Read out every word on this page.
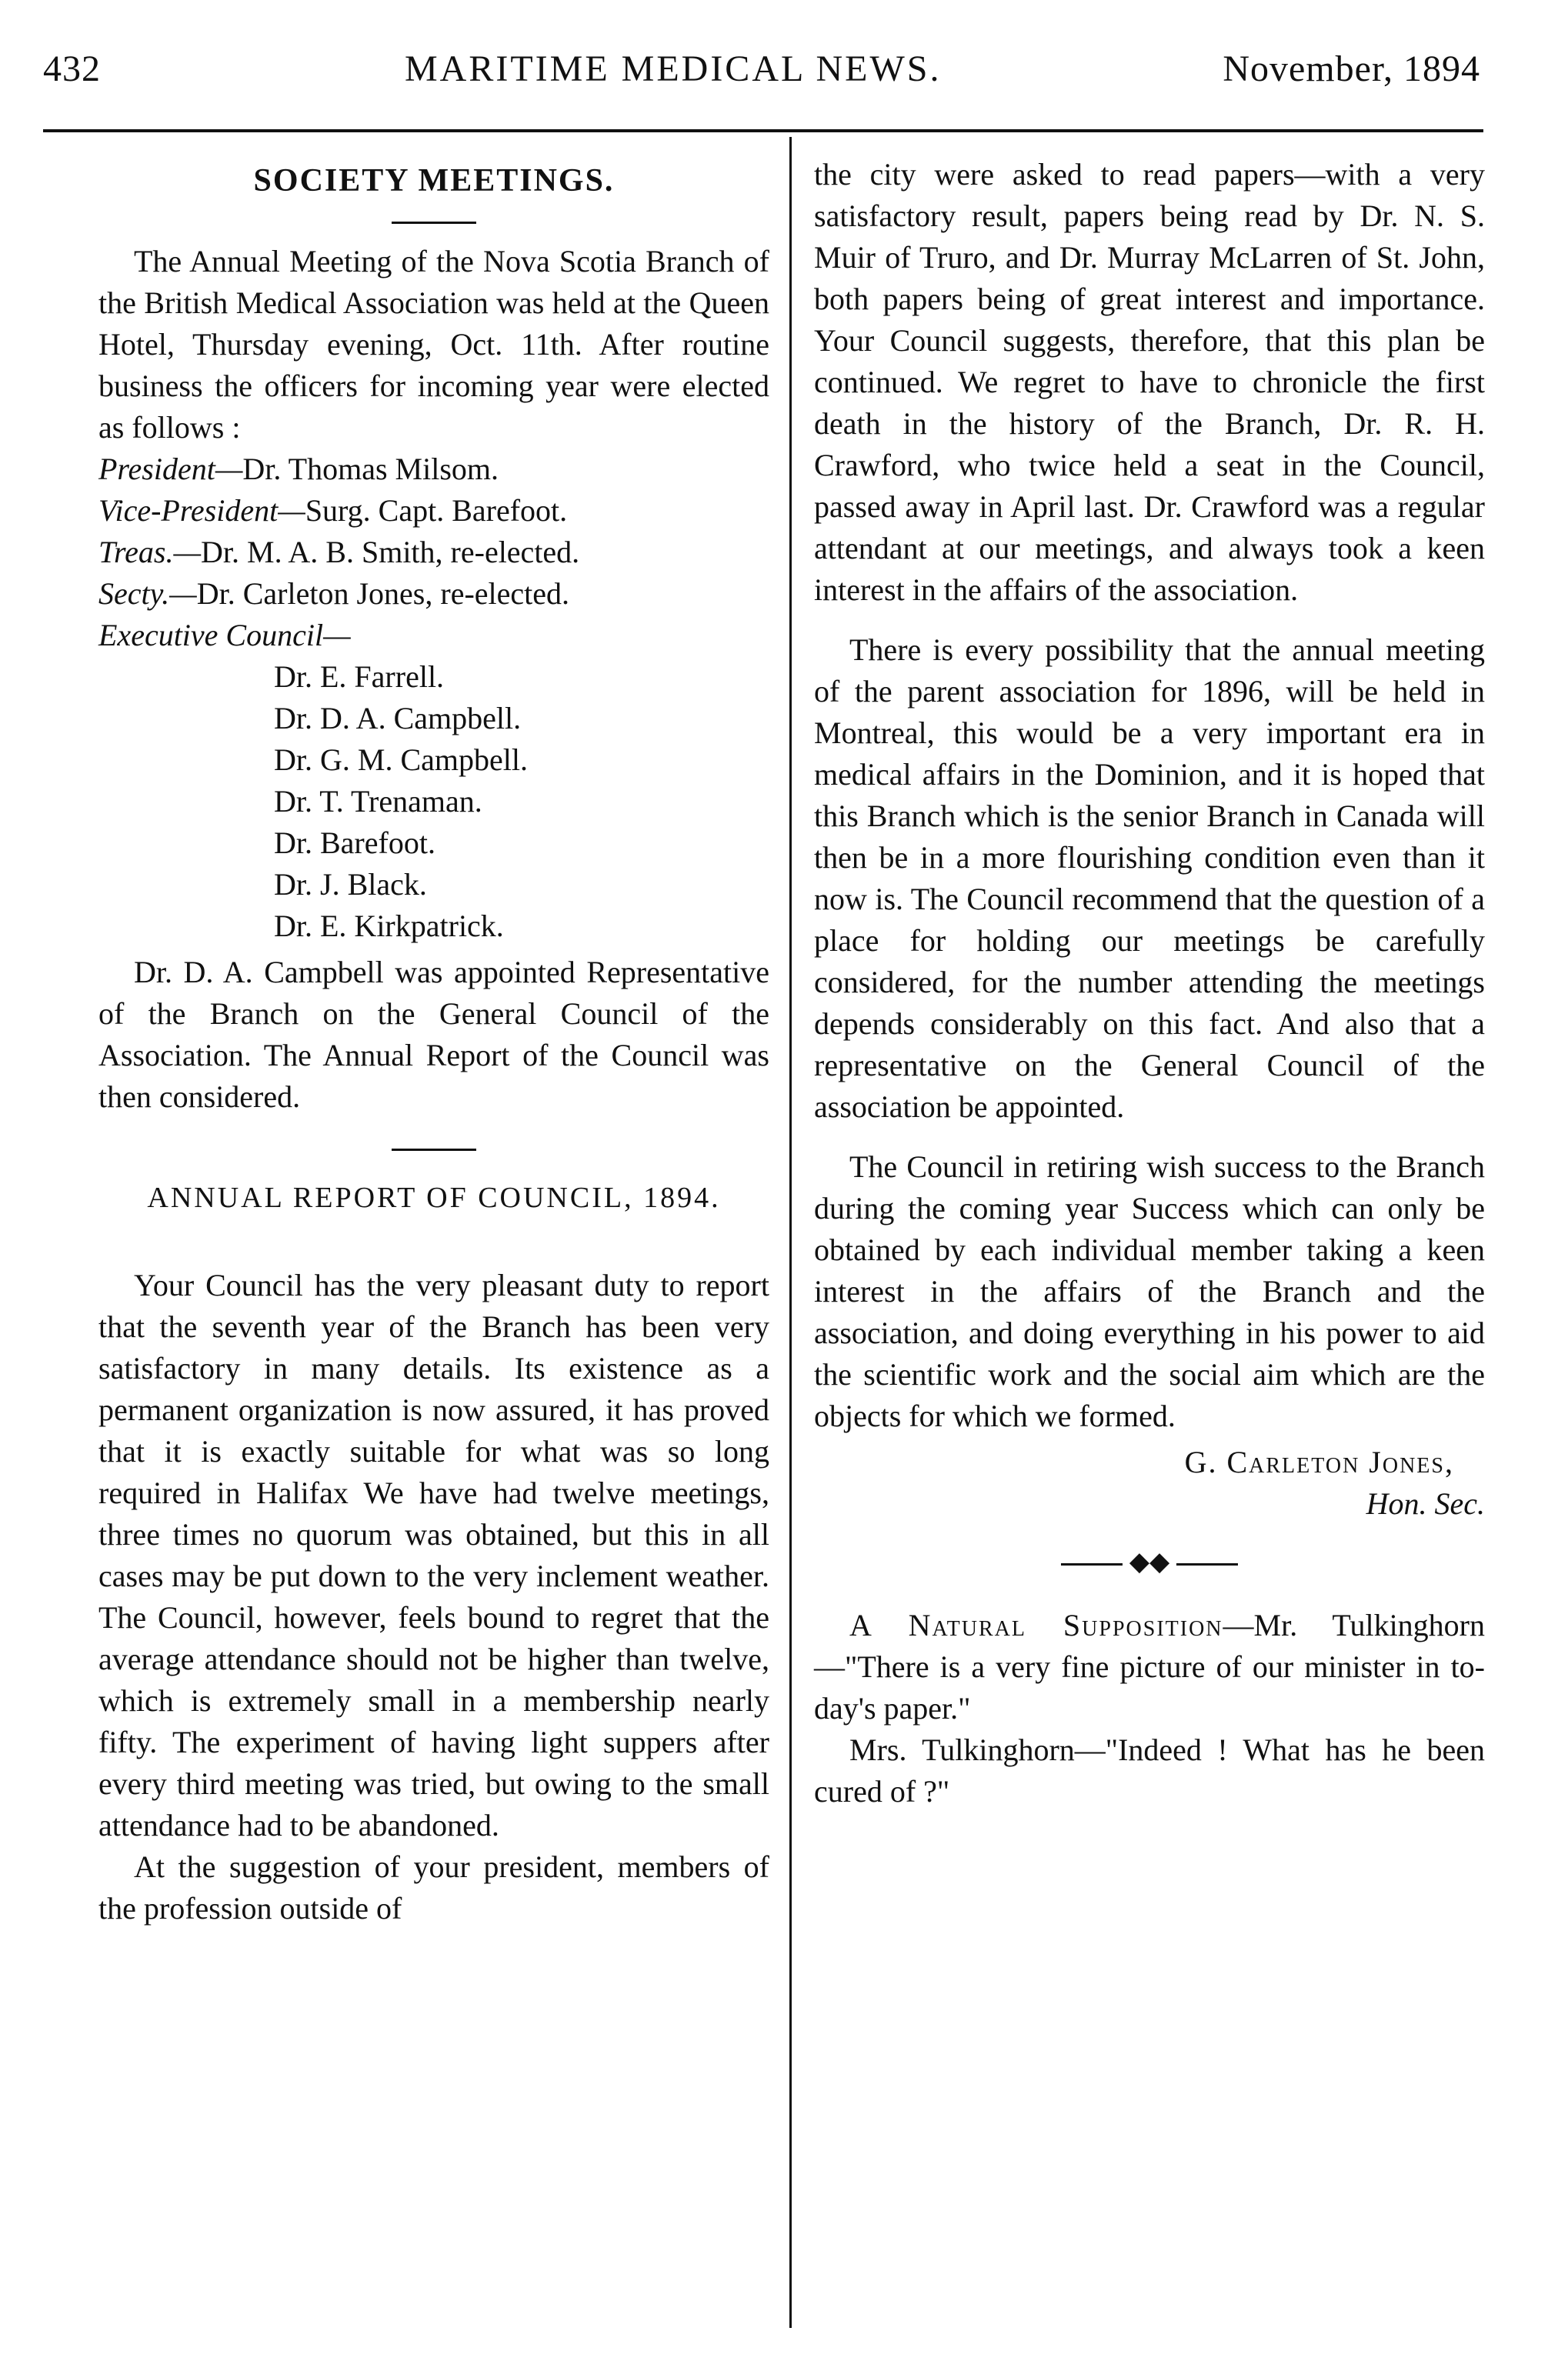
432	MARITIME MEDICAL NEWS.	November, 1894
SOCIETY MEETINGS.

The Annual Meeting of the Nova Scotia Branch of the British Medical Association was held at the Queen Hotel, Thursday evening, Oct. 11th. After routine business the officers for incoming year were elected as follows :

President—Dr. Thomas Milsom.

Vice-President—Surg. Capt. Barefoot.

Treas.—Dr. M. A. B. Smith, re-elected.

Secty.—Dr. Carleton Jones, re-elected.

Executive Council—

Dr. E. Farrell.
Dr. D. A. Campbell.
Dr. G. M. Campbell.
Dr. T. Trenaman.
Dr. Barefoot.
Dr. J. Black.
Dr. E. Kirkpatrick.

Dr. D. A. Campbell was appointed Representative of the Branch on the General Council of the Association. The Annual Report of the Council was then considered.

ANNUAL REPORT OF COUNCIL, 1894.

Your Council has the very pleasant duty to report that the seventh year of the Branch has been very satisfactory in many details. Its existence as a permanent organization is now assured, it has proved that it is exactly suitable for what was so long required in Halifax We have had twelve meetings, three times no quorum was obtained, but this in all cases may be put down to the very inclement weather. The Council, however, feels bound to regret that the average attendance should not be higher than twelve, which is extremely small in a membership nearly fifty. The experiment of having light suppers after every third meeting was tried, but owing to the small attendance had to be abandoned.

At the suggestion of your president, members of the profession outside of

the city were asked to read papers—with a very satisfactory result, papers being read by Dr. N. S. Muir of Truro, and Dr. Murray McLarren of St. John, both papers being of great interest and importance. Your Council suggests, therefore, that this plan be continued. We regret to have to chronicle the first death in the history of the Branch, Dr. R. H. Crawford, who twice held a seat in the Council, passed away in April last. Dr. Crawford was a regular attendant at our meetings, and always took a keen interest in the affairs of the association.

There is every possibility that the annual meeting of the parent association for 1896, will be held in Montreal, this would be a very important era in medical affairs in the Dominion, and it is hoped that this Branch which is the senior Branch in Canada will then be in a more flourishing condition even than it now is. The Council recommend that the question of a place for holding our meetings be carefully considered, for the number attending the meetings depends considerably on this fact. And also that a representative on the General Council of the association be appointed.

The Council in retiring wish success to the Branch during the coming year Success which can only be obtained by each individual member taking a keen interest in the affairs of the Branch and the association, and doing everything in his power to aid the scientific work and the social aim which are the objects for which we formed.

G. Carleton Jones,
Hon. Sec.
◆◆

A Natural Supposition—Mr. Tulkinghorn—"There is a very fine picture of our minister in to-day's paper."

Mrs. Tulkinghorn—"Indeed ! What has he been cured of ?"
